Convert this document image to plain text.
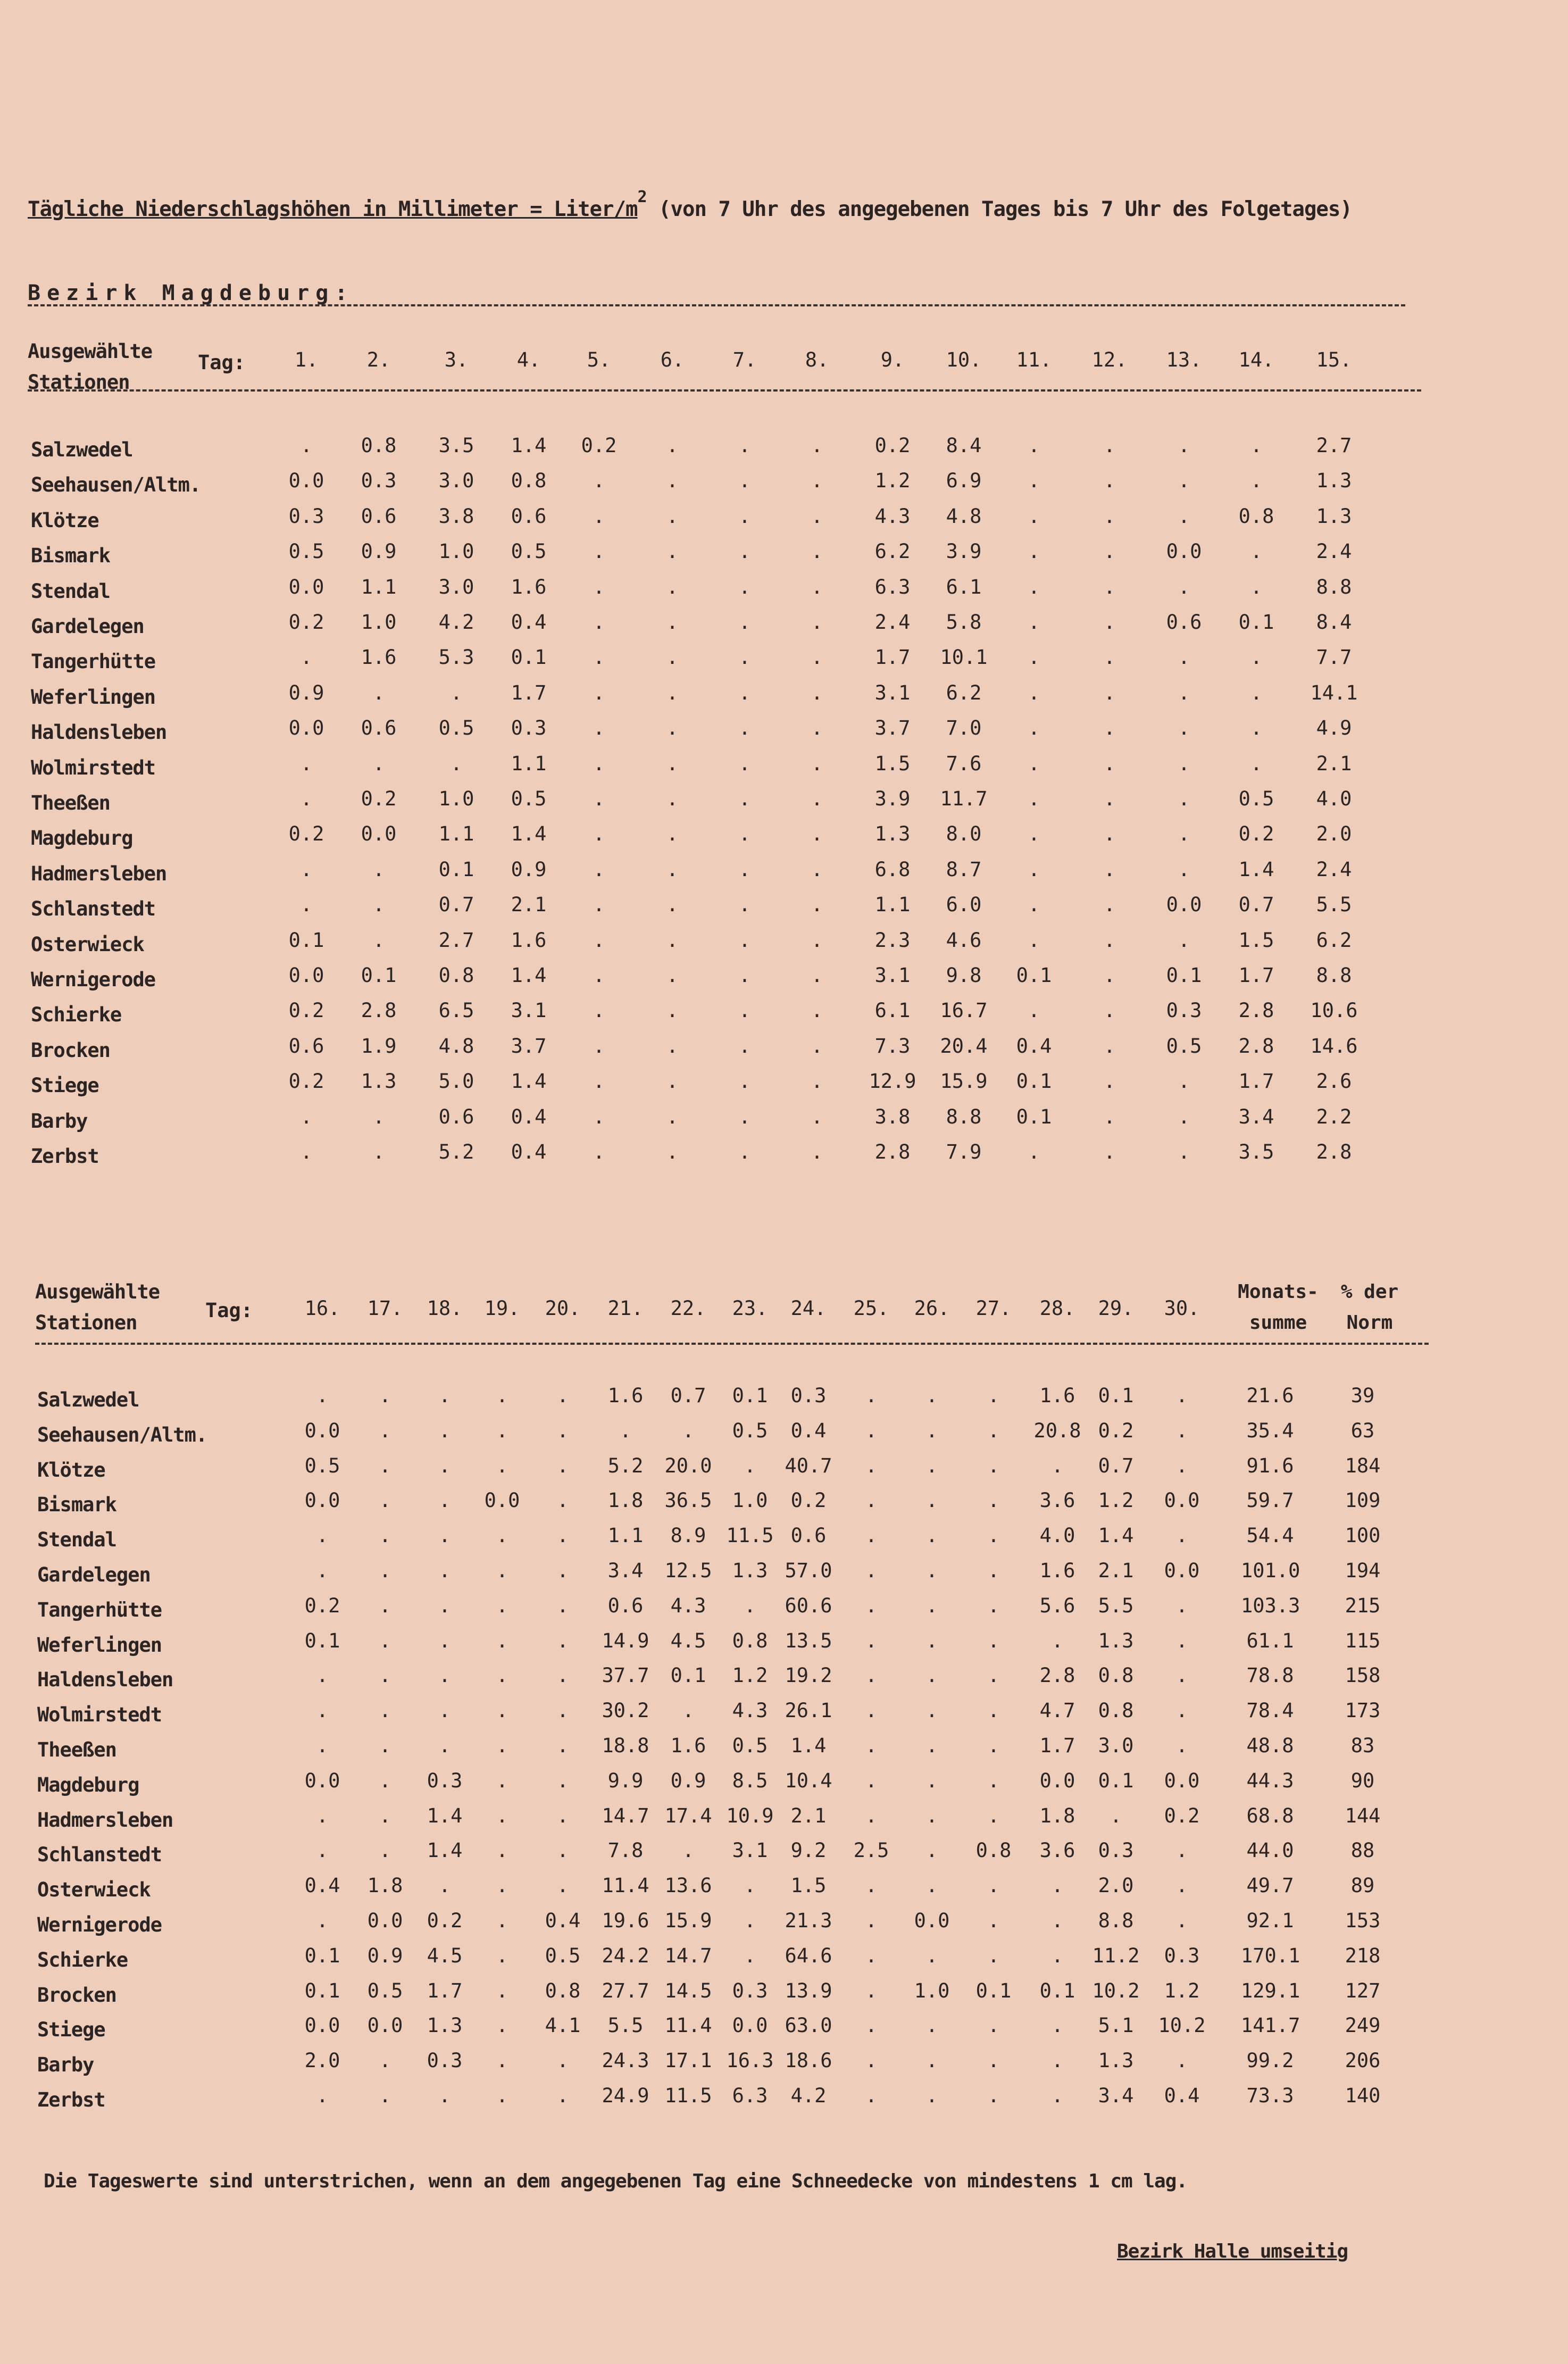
Tägliche Niederschlagshöhen in Millimeter = Liter/$m^2$ (von 7 Uhr des angegebenen Tages bis 7 Uhr des Folgetages)
Bezirk Magdeburg:
Ausgewählte
Stationen
Tag:	1.	2.	3.	4.	5.	6.	7.	8.	9.	10.	11.	12.	13.	14.	15.
Salzwedel	.	0.8	3.5	1.4	0.2	.	.	.	0.2	8.4	.	.	.	.	2.7
Seehausen/Altm.	0.0	0.3	3.0	0.8	.	.	.	.	1.2	6.9	.	.	.	.	1.3
Klötze	0.3	0.6	3.8	0.6	.	.	.	.	4.3	4.8	.	.	.	0.8	1.3
Bismark	0.5	0.9	1.0	0.5	.	.	.	.	6.2	3.9	.	.	0.0	.	2.4
Stendal	0.0	1.1	3.0	1.6	.	.	.	.	6.3	6.1	.	.	.	.	8.8
Gardelegen	0.2	1.0	4.2	0.4	.	.	.	.	2.4	5.8	.	.	0.6	0.1	8.4
Tangerhütte	.	1.6	5.3	0.1	.	.	.	.	1.7	10.1	.	.	.	.	7.7
Weferlingen	0.9	.	.	1.7	.	.	.	.	3.1	6.2	.	.	.	.	14.1
Haldensleben	0.0	0.6	0.5	0.3	.	.	.	.	3.7	7.0	.	.	.	.	4.9
Wolmirstedt	.	.	.	1.1	.	.	.	.	1.5	7.6	.	.	.	.	2.1
Theeßen	.	0.2	1.0	0.5	.	.	.	.	3.9	11.7	.	.	.	0.5	4.0
Magdeburg	0.2	0.0	1.1	1.4	.	.	.	.	1.3	8.0	.	.	.	0.2	2.0
Hadmersleben	.	.	0.1	0.9	.	.	.	.	6.8	8.7	.	.	.	1.4	2.4
Schlanstedt	.	.	0.7	2.1	.	.	.	.	1.1	6.0	.	.	0.0	0.7	5.5
Osterwieck	0.1	.	2.7	1.6	.	.	.	.	2.3	4.6	.	.	.	1.5	6.2
Wernigerode	0.0	0.1	0.8	1.4	.	.	.	.	3.1	9.8	0.1	.	0.1	1.7	8.8
Schierke	0.2	2.8	6.5	3.1	.	.	.	.	6.1	16.7	.	.	0.3	2.8	10.6
Brocken	0.6	1.9	4.8	3.7	.	.	.	.	7.3	20.4	0.4	.	0.5	2.8	14.6
Stiege	0.2	1.3	5.0	1.4	.	.	.	.	12.9 15.9	0.1	.	.	1.7	2.6
Barby	.	.	0.6	0.4	.	.	.	.	3.8	8.8	0.1	.	.	3.4	2.2
Zerbst	.	.	5.2	0.4	.	.	.	.	2.8	7.9	.	.	.	3.5	2.8
Ausgewählte
Stationen
Tag:	16.	17.	18.	19.	20.	21.	22.	23.	24.	25.	26.	27.	28.	29.	30.
Monats-
summe
% der
Norm
Salzwedel	.	.	.	.	.	1.6	0.7	0.1	0.3	.	.	.	1.6	0.1	.	21.6	39
Seehausen/Altm.	0.0	.	.	.	.	.	.	0.5	0.4	.	.	.	20.8 0.2	.	35.4	63
Klötze	0.5	.	.	.	.	5.2	20.0	.	40.7	.	.	.	.	0.7	.	91.6	184
Bismark	0.0	.	.	0.0	.	1.8	36.5	1.0	0.2	.	.	.	3.6	1.2	0.0	59.7	109
Stendal	.	.	.	.	.	1.1	8.9	11.5 0.6	.	.	.	4.0	1.4	.	54.4	100
Gardelegen	.	.	.	.	.	3.4	12.5	1.3 57.0	.	.	.	1.6	2.1	0.0	101.0	194
Tangerhütte	0.2	.	.	.	.	0.6	4.3	.	60.6	.	.	.	5.6	5.5	.	103.3	215
Weferlingen	0.1	.	.	.	.	14.9	4.5	0.8 13.5	.	.	.	.	1.3	.	61.1	115
Haldensleben	.	.	.	.	.	37.7	0.1	1.2 19.2	.	.	.	2.8	0.8	.	78.8	158
Wolmirstedt	.	.	.	.	.	30.2	.	4.3 26.1	.	.	.	4.7	0.8	.	78.4	173
Theeßen	.	.	.	.	.	18.8	1.6	0.5	1.4	.	.	.	1.7	3.0	.	48.8	83
Magdeburg	0.0	.	0.3	.	.	9.9	0.9	8.5 10.4	.	.	.	0.0	0.1	0.0	44.3	90
Hadmersleben	.	.	1.4	.	.	14.7 17.4 10.9 2.1	.	.	.	1.8	.	0.2	68.8	144
Schlanstedt	.	.	1.4	.	.	7.8	.	3.1	9.2	2.5	.	0.8	3.6	0.3	.	44.0	88
Osterwieck	0.4	1.8	.	.	.	11.4 13.6	.	1.5	.	.	.	.	2.0	.	49.7	89
Wernigerode	.	0.0	0.2	.	0.4	19.6 15.9	.	21.3	.	0.0	.	.	8.8	.	92.1	153
Schierke	0.1	0.9	4.5	.	0.5	24.2 14.7	.	64.6	.	.	.	.	11.2	0.3	170.1	218
Brocken	0.1	0.5	1.7	.	0.8	27.7 14.5	0.3 13.9	.	1.0	0.1	0.1 10.2	1.2	129.1	127
Stiege	0.0	0.0	1.3	.	4.1	5.5	11.4	0.0 63.0	.	.	.	.	5.1	10.2 141.7	249
Barby	2.0	.	0.3	.	.	24.3 17.1 16.3 18.6	.	.	.	.	1.3	.	99.2	206
Zerbst	.	.	.	.	.	24.9 11.5	6.3	4.2	.	.	.	.	3.4	0.4	73.3	140
Die Tageswerte sind unterstrichen, wenn an dem angegebenen Tag eine Schneedecke von mindestens 1 cm lag.
Bezirk Halle umseitig
